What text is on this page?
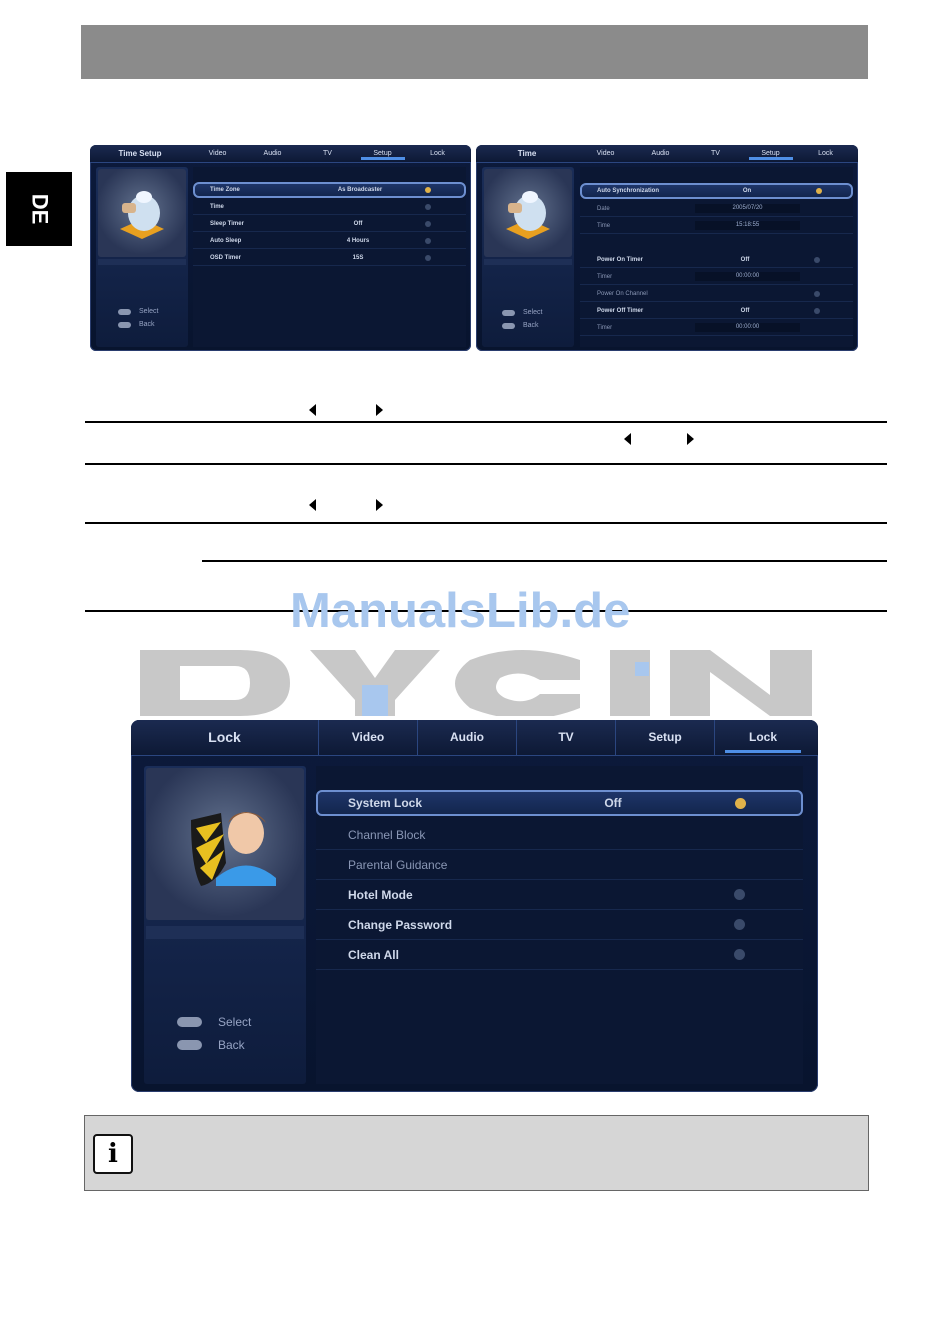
DE
Time Setup	Video	Audio	TV	Setup	Lock
Select
Back
Time Zone	As Broadcaster
Time
Sleep Timer	Off
Auto Sleep	4 Hours
OSD Timer	15S
Time	Video	Audio	TV	Setup	Lock
Select
Back
Auto Synchronization	On
Date	2005/07/20
Time	15:18:55
Power On Timer	Off
Timer	00:00:00
Power On Channel
Power Off Timer	Off
Timer	00:00:00
ManualsLib.de
Lock	Video	Audio	TV	Setup	Lock
Select
Back
System Lock	Off
Channel Block
Parental Guidance
Hotel Mode
Change Password
Clean All
i
